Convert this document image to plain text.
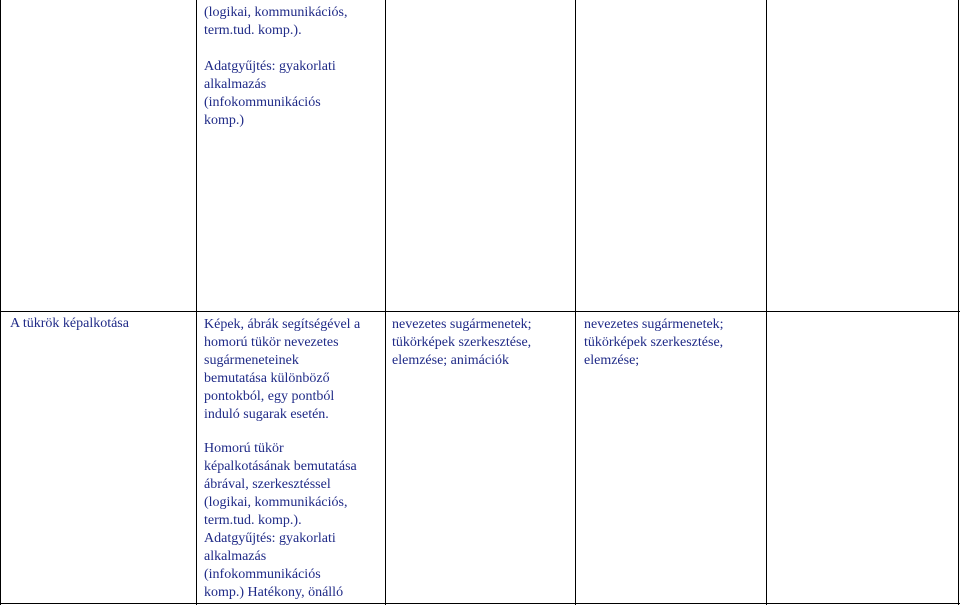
(logikai, kommunikációs,
term.tud. komp.).
Adatgyűjtés: gyakorlati
alkalmazás
(infokommunikációs
komp.)
A tükrök képalkotása	Képek, ábrák segítségével a
homorú tükör nevezetes
sugármeneteinek
bemutatása különböző
pontokból, egy pontból
induló sugarak esetén.
Homorú tükör
képalkotásának bemutatása
ábrával, szerkesztéssel
(logikai, kommunikációs,
term.tud. komp.).
Adatgyűjtés: gyakorlati
alkalmazás
(infokommunikációs
komp.) Hatékony, önálló
nevezetes sugármenetek;
tükörképek szerkesztése,
elemzése; animációk
nevezetes sugármenetek;
tükörképek szerkesztése,
elemzése;
